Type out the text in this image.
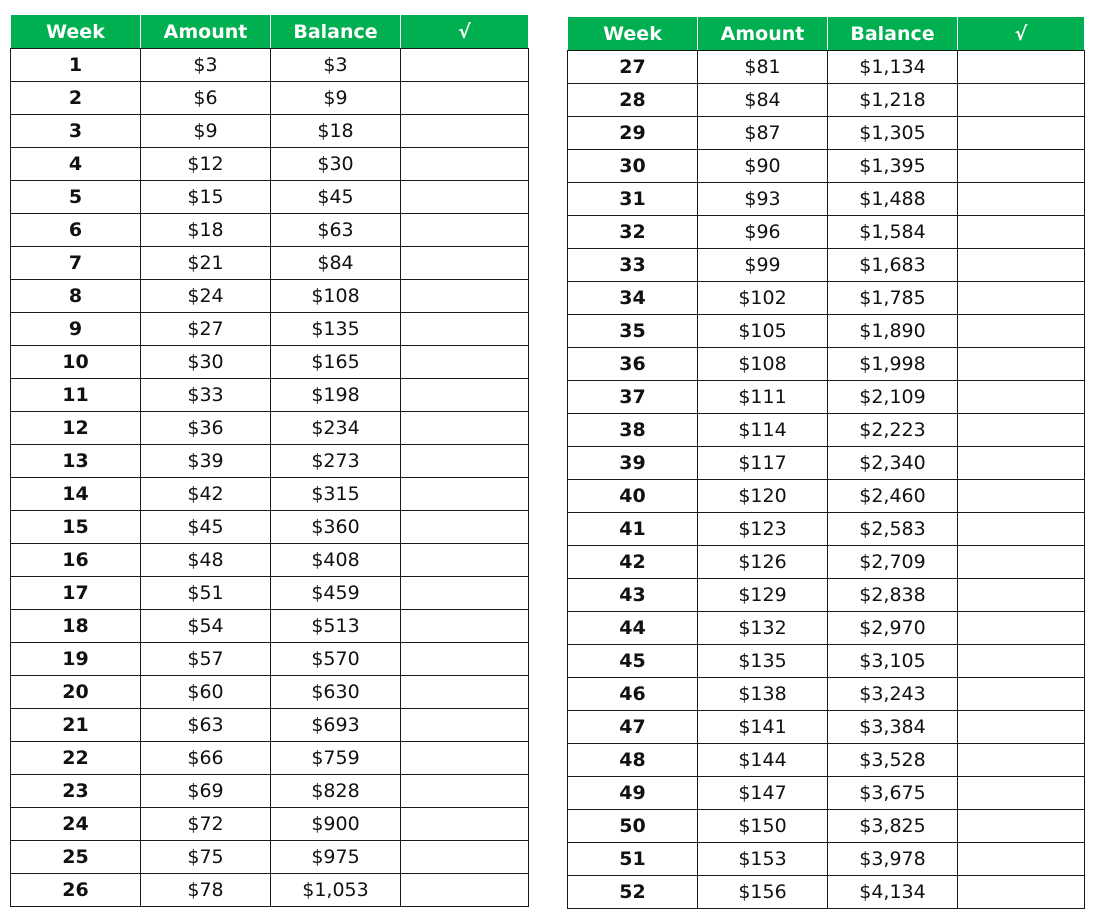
Week	Amount	Balance	√
1	$3	$3	
2	$6	$9	
3	$9	$18	
4	$12	$30	
5	$15	$45	
6	$18	$63	
7	$21	$84	
8	$24	$108	
9	$27	$135	
10	$30	$165	
11	$33	$198	
12	$36	$234	
13	$39	$273	
14	$42	$315	
15	$45	$360	
16	$48	$408	
17	$51	$459	
18	$54	$513	
19	$57	$570	
20	$60	$630	
21	$63	$693	
22	$66	$759	
23	$69	$828	
24	$72	$900	
25	$75	$975	
26	$78	$1,053	
Week	Amount	Balance	√
27	$81	$1,134	
28	$84	$1,218	
29	$87	$1,305	
30	$90	$1,395	
31	$93	$1,488	
32	$96	$1,584	
33	$99	$1,683	
34	$102	$1,785	
35	$105	$1,890	
36	$108	$1,998	
37	$111	$2,109	
38	$114	$2,223	
39	$117	$2,340	
40	$120	$2,460	
41	$123	$2,583	
42	$126	$2,709	
43	$129	$2,838	
44	$132	$2,970	
45	$135	$3,105	
46	$138	$3,243	
47	$141	$3,384	
48	$144	$3,528	
49	$147	$3,675	
50	$150	$3,825	
51	$153	$3,978	
52	$156	$4,134	
